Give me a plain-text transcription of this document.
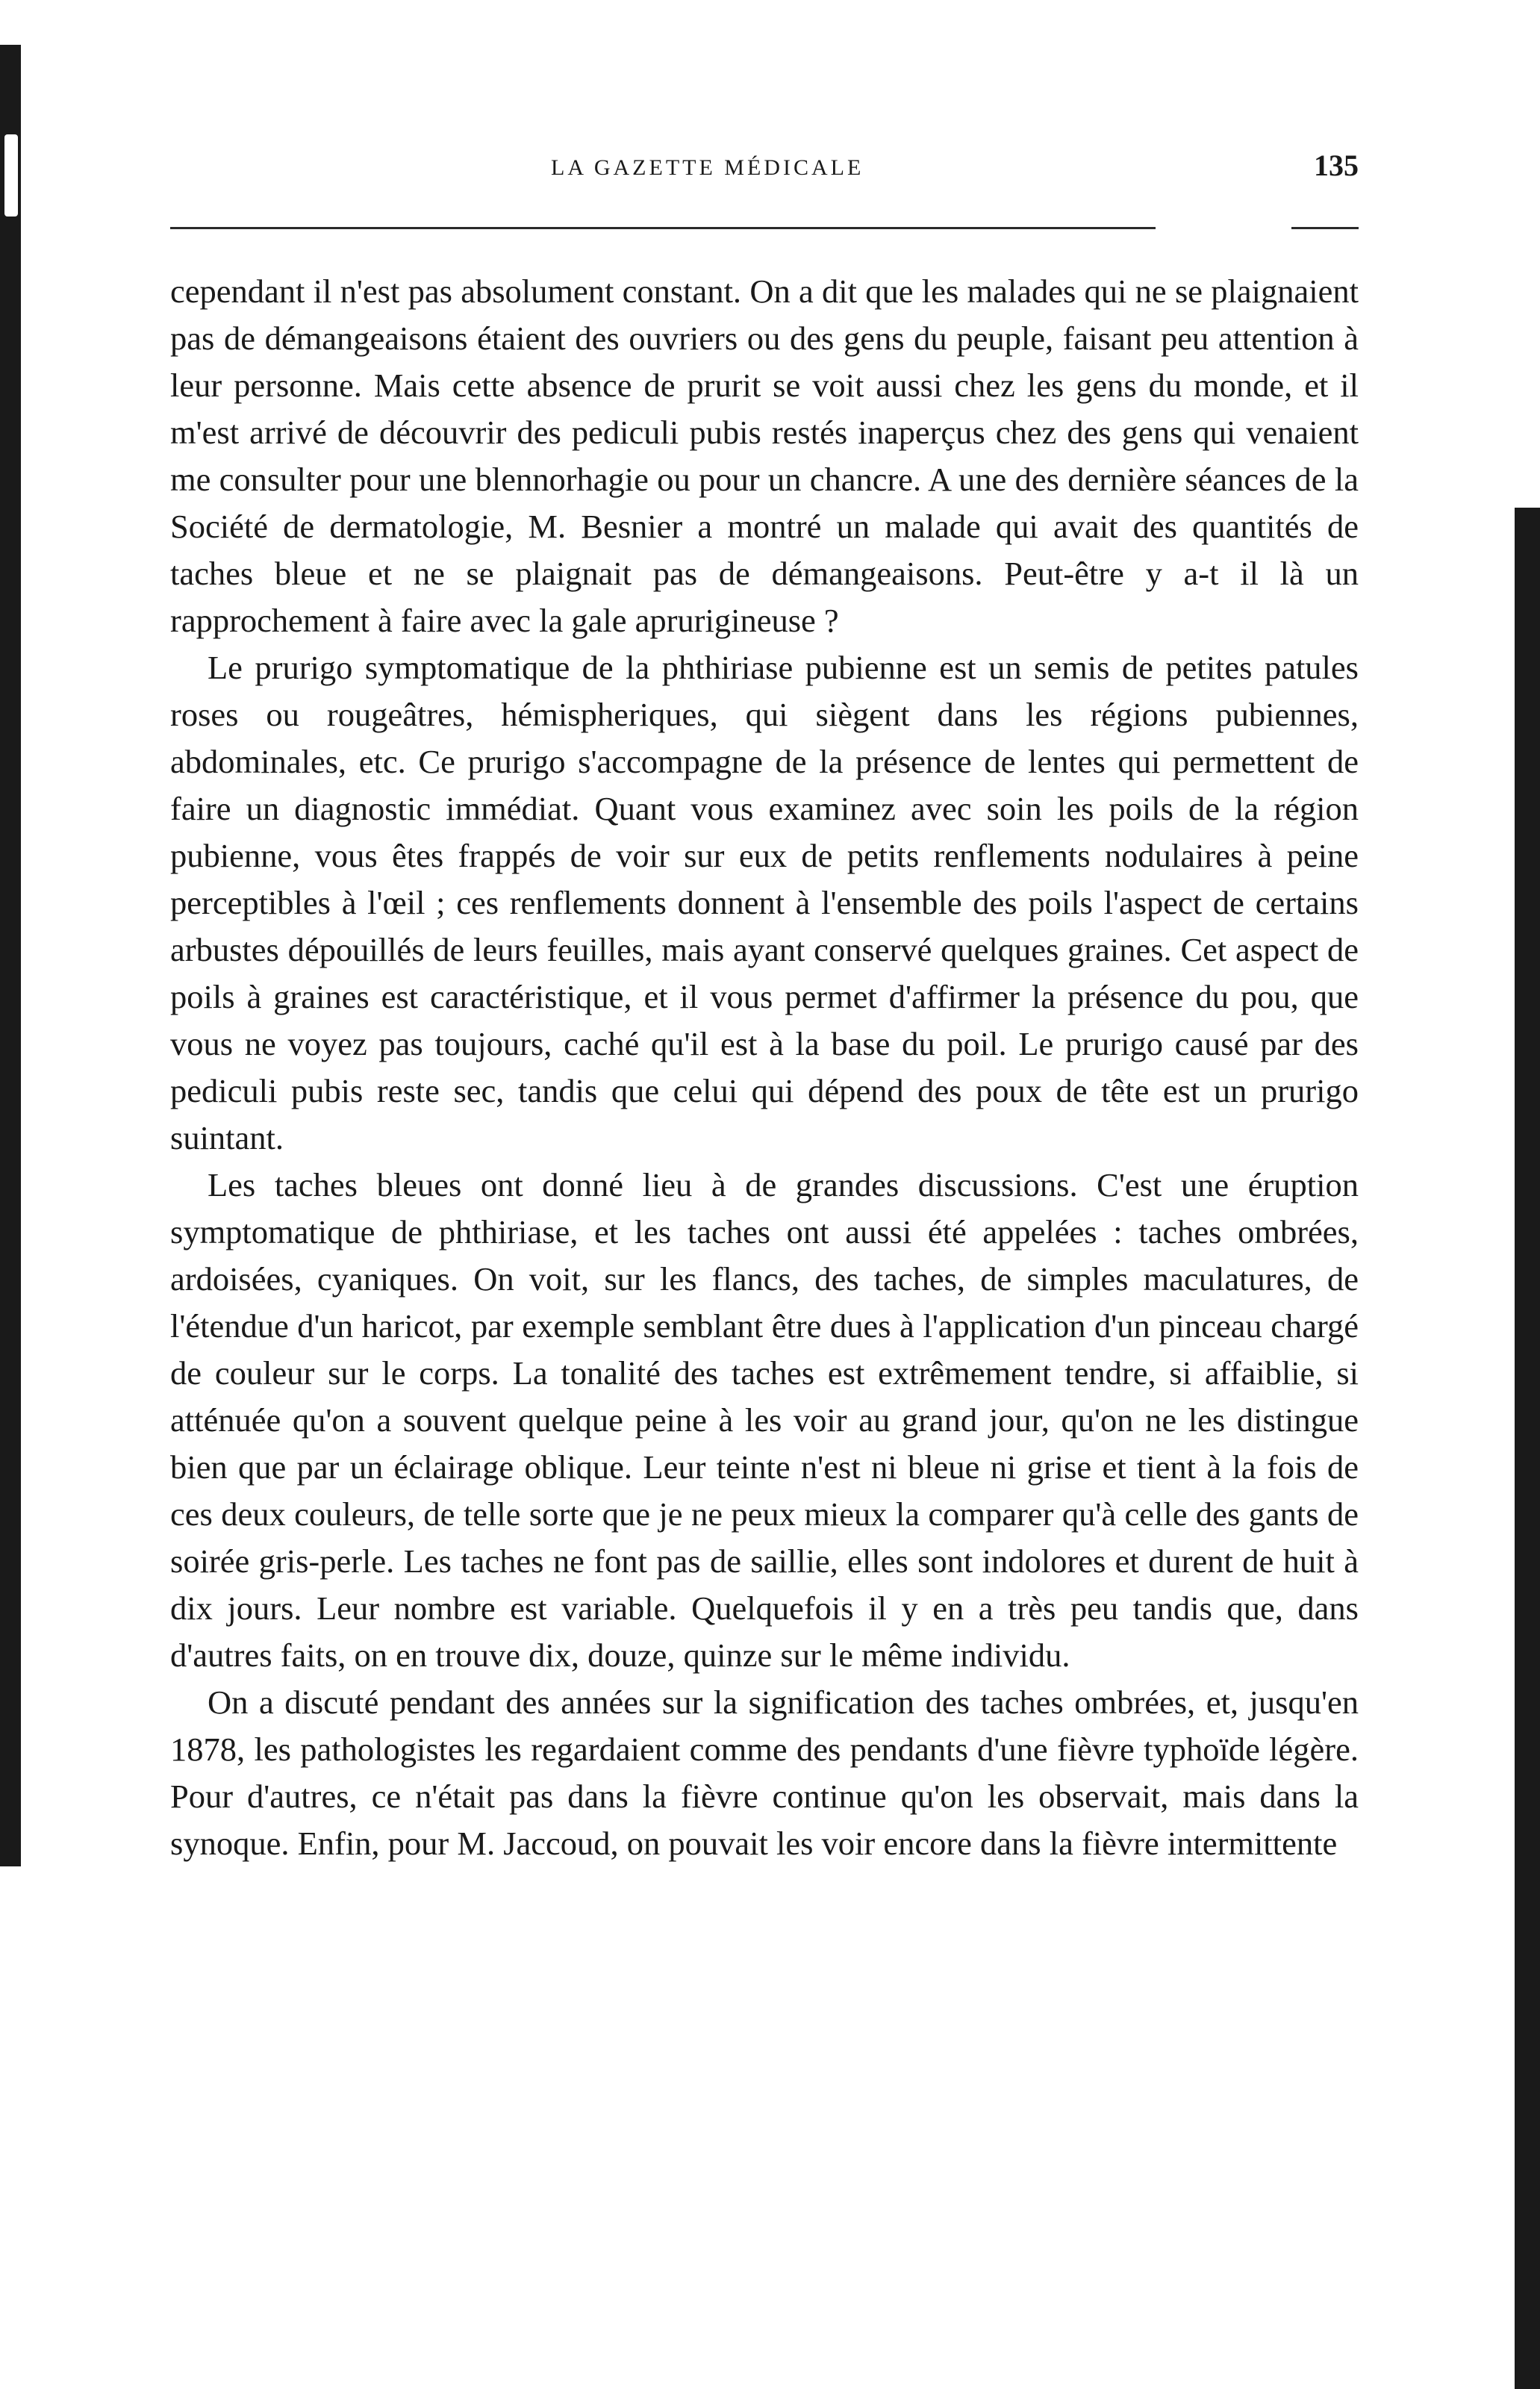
LA GAZETTE MÉDICALE	135

cependant il n'est pas absolument constant. On a dit que les malades qui ne se plaignaient pas de démangeaisons étaient des ouvriers ou des gens du peuple, faisant peu attention à leur personne. Mais cette absence de prurit se voit aussi chez les gens du monde, et il m'est arrivé de découvrir des pediculi pubis restés inaperçus chez des gens qui venaient me consulter pour une blennorhagie ou pour un chancre. A une des dernière séances de la Société de dermatologie, M. Besnier a montré un malade qui avait des quantités de taches bleue et ne se plaignait pas de démangeaisons. Peut-être y a-t il là un rapprochement à faire avec la gale aprurigineuse ?

Le prurigo symptomatique de la phthiriase pubienne est un semis de petites patules roses ou rougeâtres, hémispheriques, qui siègent dans les régions pubiennes, abdominales, etc. Ce prurigo s'accompagne de la présence de lentes qui permettent de faire un diagnostic immédiat. Quant vous examinez avec soin les poils de la région pubienne, vous êtes frappés de voir sur eux de petits renflements nodulaires à peine perceptibles à l'œil ; ces renflements donnent à l'ensemble des poils l'aspect de certains arbustes dépouillés de leurs feuilles, mais ayant conservé quelques graines. Cet aspect de poils à graines est caractéristique, et il vous permet d'affirmer la présence du pou, que vous ne voyez pas toujours, caché qu'il est à la base du poil. Le prurigo causé par des pediculi pubis reste sec, tandis que celui qui dépend des poux de tête est un prurigo suintant.

Les taches bleues ont donné lieu à de grandes discussions. C'est une éruption symptomatique de phthiriase, et les taches ont aussi été appelées : taches ombrées, ardoisées, cyaniques. On voit, sur les flancs, des taches, de simples maculatures, de l'étendue d'un haricot, par exemple semblant être dues à l'application d'un pinceau chargé de couleur sur le corps. La tonalité des taches est extrêmement tendre, si affaiblie, si atténuée qu'on a souvent quelque peine à les voir au grand jour, qu'on ne les distingue bien que par un éclairage oblique. Leur teinte n'est ni bleue ni grise et tient à la fois de ces deux couleurs, de telle sorte que je ne peux mieux la comparer qu'à celle des gants de soirée gris-perle. Les taches ne font pas de saillie, elles sont indolores et durent de huit à dix jours. Leur nombre est variable. Quelquefois il y en a très peu tandis que, dans d'autres faits, on en trouve dix, douze, quinze sur le même individu.

On a discuté pendant des années sur la signification des taches ombrées, et, jusqu'en 1878, les pathologistes les regardaient comme des pendants d'une fièvre typhoïde légère. Pour d'autres, ce n'était pas dans la fièvre continue qu'on les observait, mais dans la synoque. Enfin, pour M. Jaccoud, on pouvait les voir encore dans la fièvre intermittente
